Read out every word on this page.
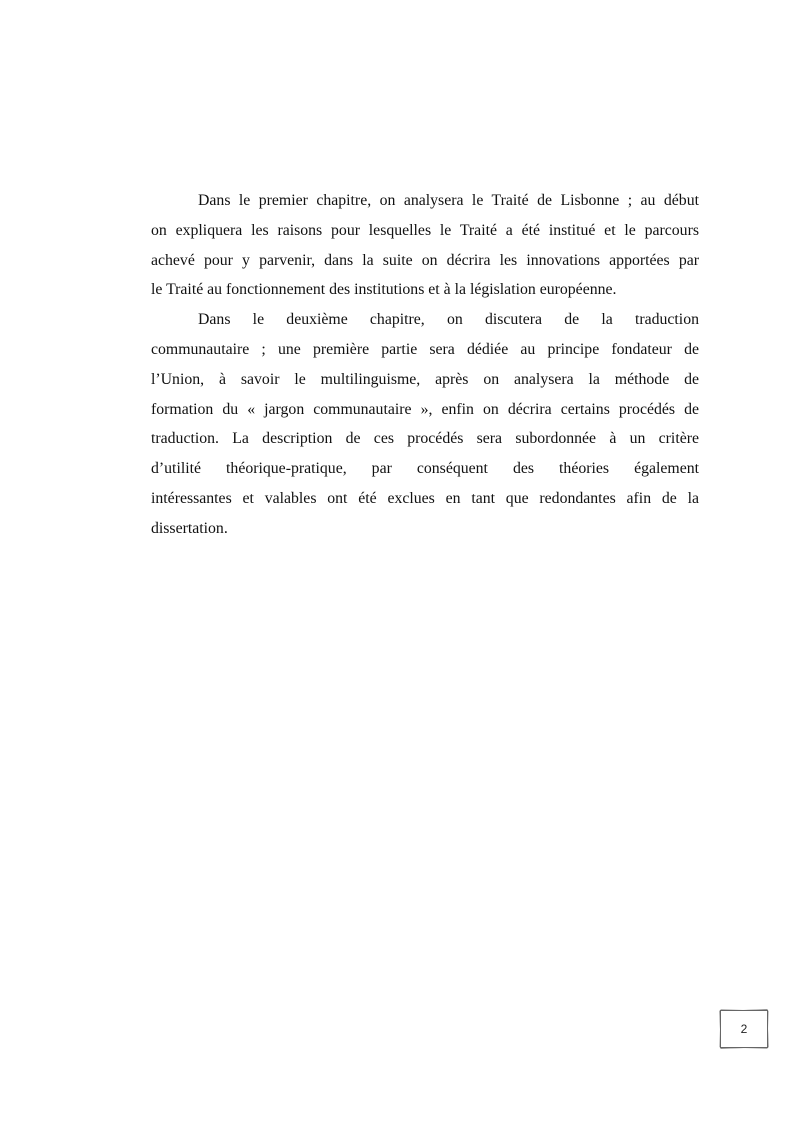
Dans le premier chapitre, on analysera le Traité de Lisbonne ; au début
on expliquera les raisons pour lesquelles le Traité a été institué et le parcours
achevé pour y parvenir, dans la suite on décrira les innovations apportées par
le Traité au fonctionnement des institutions et à la législation européenne.
Dans le deuxième chapitre, on discutera de la traduction
communautaire ; une première partie sera dédiée au principe fondateur de
l’Union, à savoir le multilinguisme, après on analysera la méthode de
formation du « jargon communautaire », enfin on décrira certains procédés de
traduction. La description de ces procédés sera subordonnée à un critère
d’utilité théorique-pratique, par conséquent des théories également
intéressantes et valables ont été exclues en tant que redondantes afin de la
dissertation.
2
